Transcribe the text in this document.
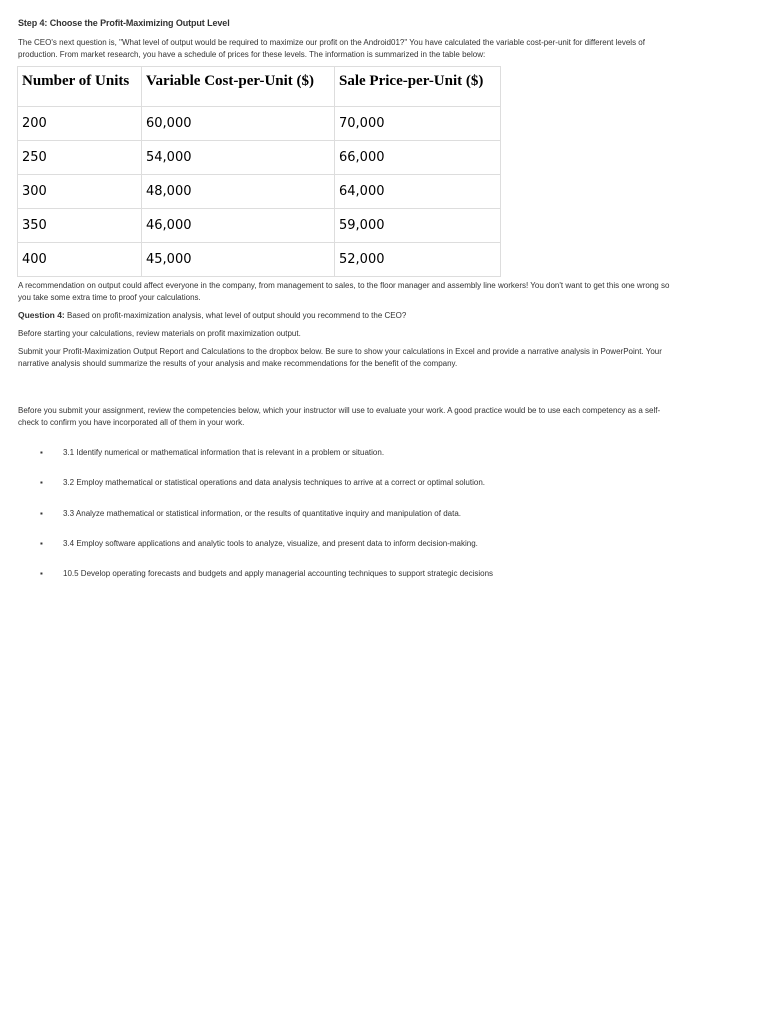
Step 4: Choose the Profit-Maximizing Output Level
The CEO's next question is, "What level of output would be required to maximize our profit on the Android01?" You have calculated the variable cost-per-unit for different levels of production. From market research, you have a schedule of prices for these levels. The information is summarized in the table below:
Number of Units	Variable Cost-per-Unit ($)	Sale Price-per-Unit ($)
200	60,000	70,000
250	54,000	66,000
300	48,000	64,000
350	46,000	59,000
400	45,000	52,000
A recommendation on output could affect everyone in the company, from management to sales, to the floor manager and assembly line workers! You don't want to get this one wrong so you take some extra time to proof your calculations.
Question 4: Based on profit-maximization analysis, what level of output should you recommend to the CEO?
Before starting your calculations, review materials on profit maximization output.
Submit your Profit-Maximization Output Report and Calculations to the dropbox below. Be sure to show your calculations in Excel and provide a narrative analysis in PowerPoint. Your narrative analysis should summarize the results of your analysis and make recommendations for the benefit of the company.
Before you submit your assignment, review the competencies below, which your instructor will use to evaluate your work. A good practice would be to use each competency as a self-check to confirm you have incorporated all of them in your work.
▪	3.1 Identify numerical or mathematical information that is relevant in a problem or situation.
▪	3.2 Employ mathematical or statistical operations and data analysis techniques to arrive at a correct or optimal solution.
▪	3.3 Analyze mathematical or statistical information, or the results of quantitative inquiry and manipulation of data.
▪	3.4 Employ software applications and analytic tools to analyze, visualize, and present data to inform decision-making.
▪	10.5 Develop operating forecasts and budgets and apply managerial accounting techniques to support strategic decisions
